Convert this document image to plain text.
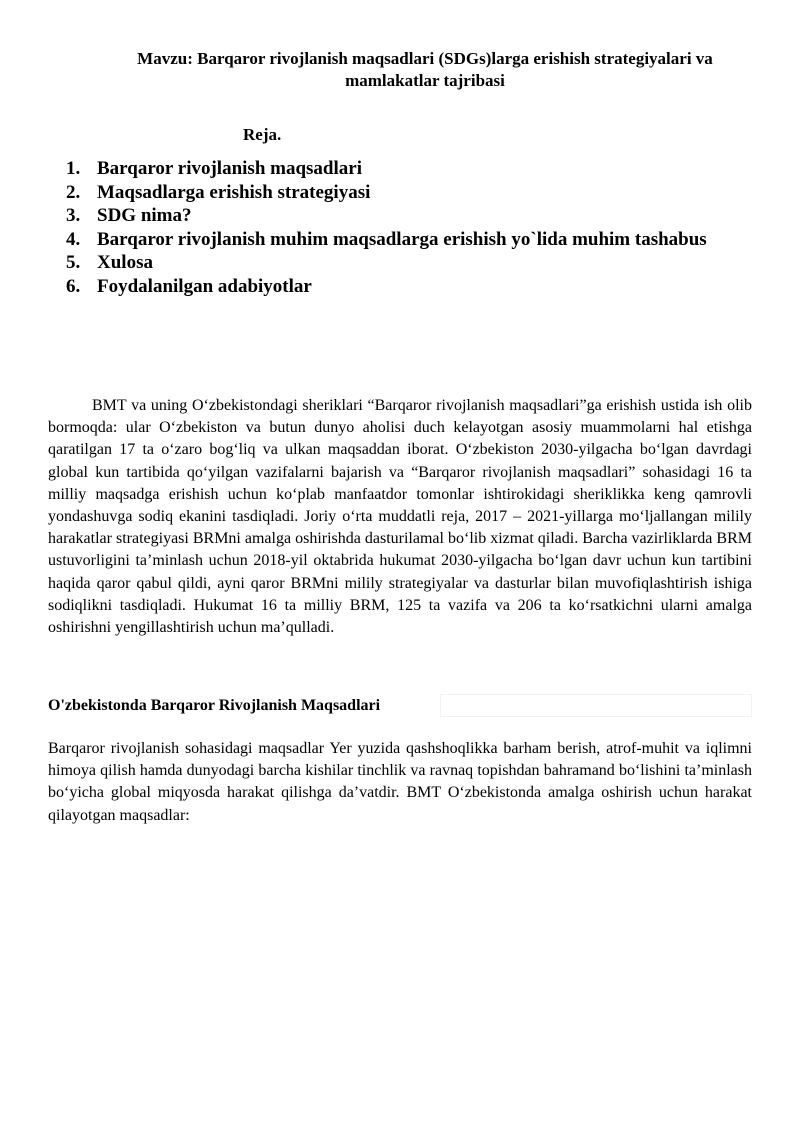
Mavzu: Barqaror rivojlanish maqsadlari (SDGs)larga erishish strategiyalari va
mamlakatlar tajribasi
Reja.
1. Barqaror rivojlanish maqsadlari
2. Maqsadlarga erishish strategiyasi
3. SDG nima?
4. Barqaror rivojlanish muhim maqsadlarga erishish yo`lida muhim tashabus
5. Xulosa
6. Foydalanilgan adabiyotlar

BMT va uning O‘zbekistondagi sheriklari “Barqaror rivojlanish maqsadlari”ga erishish ustida ish olib bormoqda: ular O‘zbekiston va butun dunyo aholisi duch kelayotgan asosiy muammolarni hal etishga qaratilgan 17 ta o‘zaro bog‘liq va ulkan maqsaddan iborat. O‘zbekiston 2030-yilgacha bo‘lgan davrdagi global kun tartibida qo‘yilgan vazifalarni bajarish va “Barqaror rivojlanish maqsadlari” sohasidagi 16 ta milliy maqsadga erishish uchun ko‘plab manfaatdor tomonlar ishtirokidagi sheriklikka keng qamrovli yondashuvga sodiq ekanini tasdiqladi. Joriy o‘rta muddatli reja, 2017 – 2021-yillarga mo‘ljallangan milily harakatlar strategiyasi BRMni amalga oshirishda dasturilamal bo‘lib xizmat qiladi. Barcha vazirliklarda BRM ustuvorligini ta’minlash uchun 2018-yil oktabrida hukumat 2030-yilgacha bo‘lgan davr uchun kun tartibini haqida qaror qabul qildi, ayni qaror BRMni milily strategiyalar va dasturlar bilan muvofiqlashtirish ishiga sodiqlikni tasdiqladi. Hukumat 16 ta milliy BRM, 125 ta vazifa va 206 ta ko‘rsatkichni ularni amalga oshirishni yengillashtirish uchun ma’qulladi.

O'zbekistonda Barqaror Rivojlanish Maqsadlari

Barqaror rivojlanish sohasidagi maqsadlar Yer yuzida qashshoqlikka barham berish, atrof-muhit va iqlimni himoya qilish hamda dunyodagi barcha kishilar tinchlik va ravnaq topishdan bahramand bo‘lishini ta’minlash bo‘yicha global miqyosda harakat qilishga da’vatdir. BMT O‘zbekistonda amalga oshirish uchun harakat qilayotgan maqsadlar:
